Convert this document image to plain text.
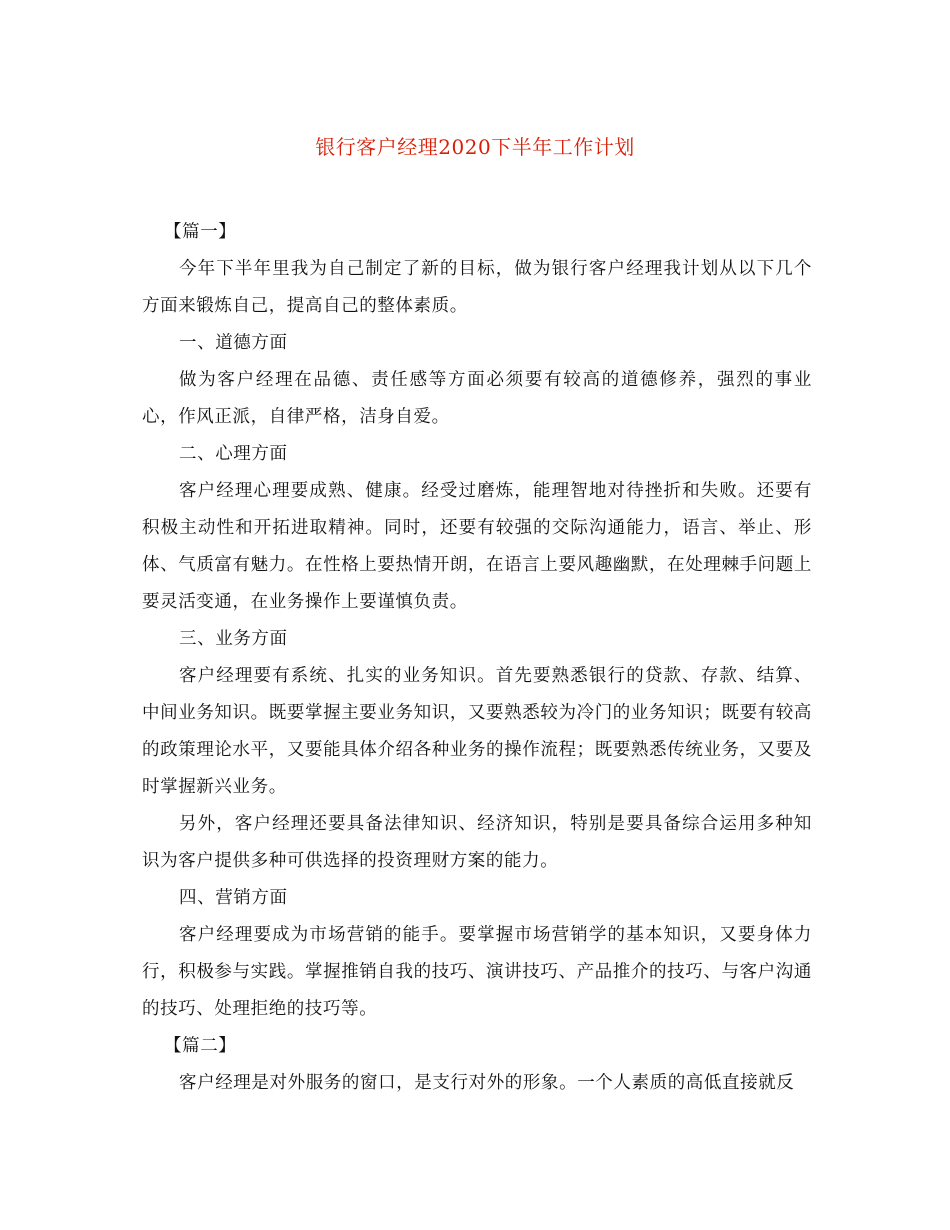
银行客户经理2020下半年工作计划

【篇一】

今年下半年里我为自己制定了新的目标，做为银行客户经理我计划从以下几个方面来锻炼自己，提高自己的整体素质。

一、道德方面

做为客户经理在品德、责任感等方面必须要有较高的道德修养，强烈的事业心，作风正派，自律严格，洁身自爱。

二、心理方面

客户经理心理要成熟、健康。经受过磨炼，能理智地对待挫折和失败。还要有积极主动性和开拓进取精神。同时，还要有较强的交际沟通能力，语言、举止、形体、气质富有魅力。在性格上要热情开朗，在语言上要风趣幽默，在处理棘手问题上要灵活变通，在业务操作上要谨慎负责。

三、业务方面

客户经理要有系统、扎实的业务知识。首先要熟悉银行的贷款、存款、结算、中间业务知识。既要掌握主要业务知识，又要熟悉较为冷门的业务知识；既要有较高的政策理论水平，又要能具体介绍各种业务的操作流程；既要熟悉传统业务，又要及时掌握新兴业务。

另外，客户经理还要具备法律知识、经济知识，特别是要具备综合运用多种知识为客户提供多种可供选择的投资理财方案的能力。

四、营销方面

客户经理要成为市场营销的能手。要掌握市场营销学的基本知识，又要身体力行，积极参与实践。掌握推销自我的技巧、演讲技巧、产品推介的技巧、与客户沟通的技巧、处理拒绝的技巧等。

【篇二】

客户经理是对外服务的窗口，是支行对外的形象。一个人素质的高低直接就反
